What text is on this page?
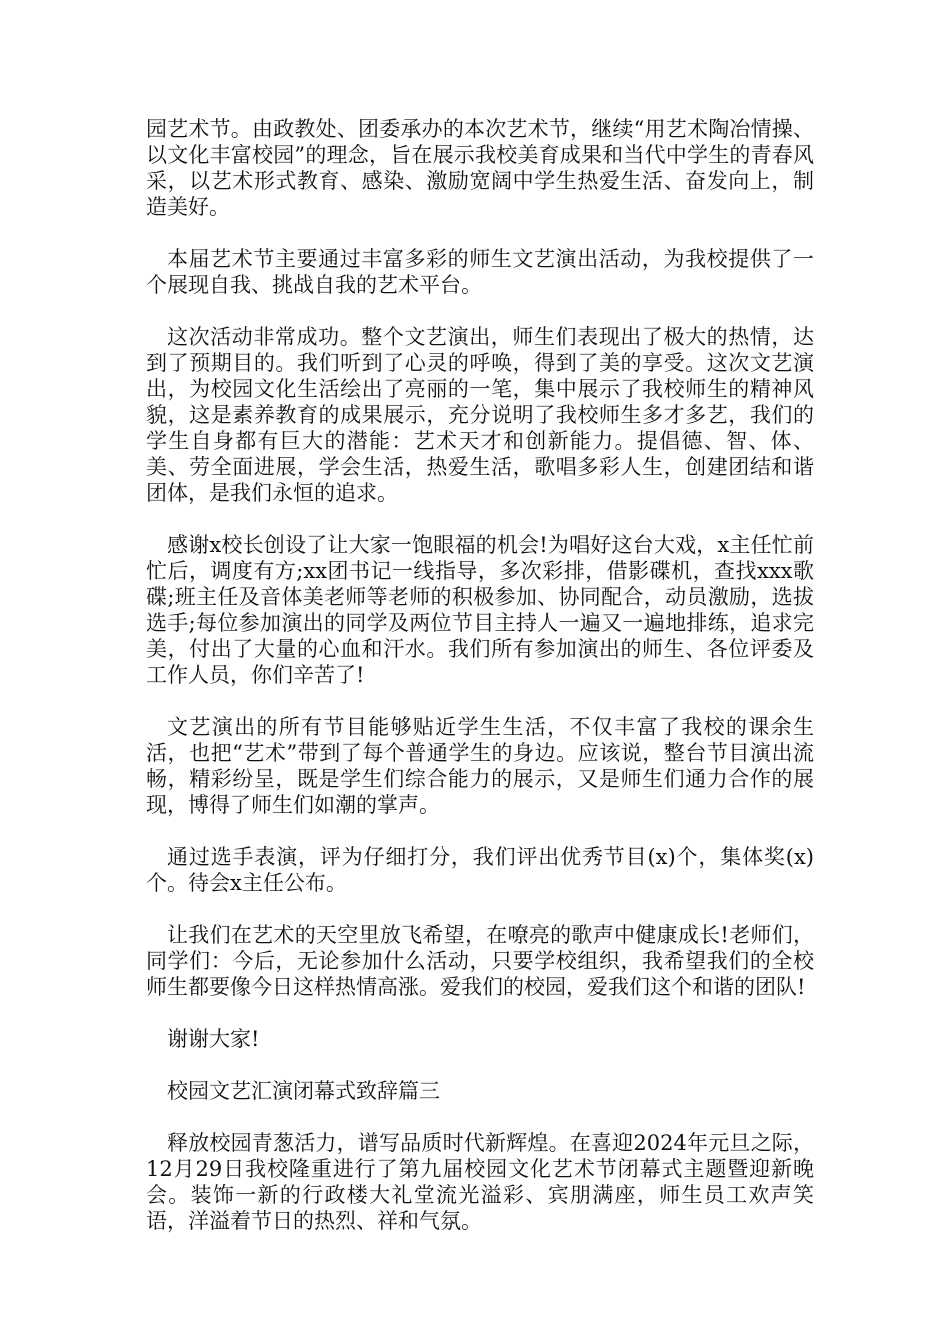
园艺术节。由政教处、团委承办的本次艺术节，继续“用艺术陶冶情操、以文化丰富校园”的理念，旨在展示我校美育成果和当代中学生的青春风采，以艺术形式教育、感染、激励宽阔中学生热爱生活、奋发向上，制造美好。

本届艺术节主要通过丰富多彩的师生文艺演出活动，为我校提供了一个展现自我、挑战自我的艺术平台。

这次活动非常成功。整个文艺演出，师生们表现出了极大的热情，达到了预期目的。我们听到了心灵的呼唤，得到了美的享受。这次文艺演出，为校园文化生活绘出了亮丽的一笔，集中展示了我校师生的精神风貌，这是素养教育的成果展示，充分说明了我校师生多才多艺，我们的学生自身都有巨大的潜能：艺术天才和创新能力。提倡德、智、体、美、劳全面进展，学会生活，热爱生活，歌唱多彩人生，创建团结和谐团体，是我们永恒的追求。

感谢x校长创设了让大家一饱眼福的机会!为唱好这台大戏，x主任忙前忙后，调度有方;xx团书记一线指导，多次彩排，借影碟机，查找xxx歌碟;班主任及音体美老师等老师的积极参加、协同配合，动员激励，选拔选手;每位参加演出的同学及两位节目主持人一遍又一遍地排练，追求完美，付出了大量的心血和汗水。我们所有参加演出的师生、各位评委及工作人员，你们辛苦了!

文艺演出的所有节目能够贴近学生生活，不仅丰富了我校的课余生活，也把“艺术”带到了每个普通学生的身边。应该说，整台节目演出流畅，精彩纷呈，既是学生们综合能力的展示，又是师生们通力合作的展现，博得了师生们如潮的掌声。

通过选手表演，评为仔细打分，我们评出优秀节目(x)个，集体奖(x)个。待会x主任公布。

让我们在艺术的天空里放飞希望，在嘹亮的歌声中健康成长!老师们，同学们：今后，无论参加什么活动，只要学校组织，我希望我们的全校师生都要像今日这样热情高涨。爱我们的校园，爱我们这个和谐的团队!

谢谢大家!

校园文艺汇演闭幕式致辞篇三

释放校园青葱活力，谱写品质时代新辉煌。在喜迎2024年元旦之际，12月29日我校隆重进行了第九届校园文化艺术节闭幕式主题暨迎新晚会。装饰一新的行政楼大礼堂流光溢彩、宾朋满座，师生员工欢声笑语，洋溢着节日的热烈、祥和气氛。
